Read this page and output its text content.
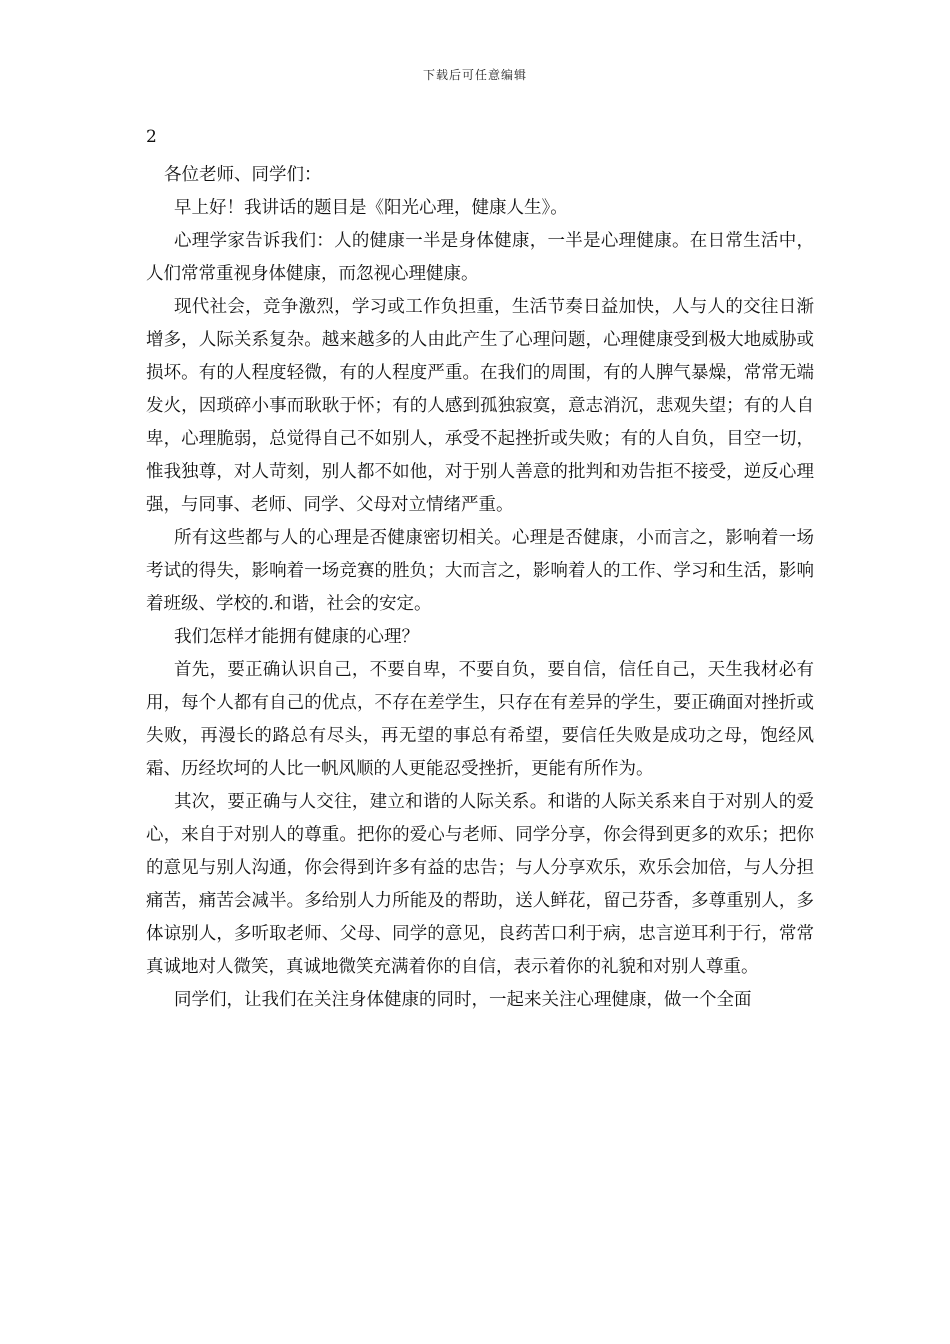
下载后可任意编辑
2

各位老师、同学们：

早上好！我讲话的题目是《阳光心理，健康人生》。

心理学家告诉我们：人的健康一半是身体健康，一半是心理健康。在日常生活中，人们常常重视身体健康，而忽视心理健康。

现代社会，竞争激烈，学习或工作负担重，生活节奏日益加快，人与人的交往日渐增多，人际关系复杂。越来越多的人由此产生了心理问题，心理健康受到极大地威胁或损坏。有的人程度轻微，有的人程度严重。在我们的周围，有的人脾气暴燥，常常无端发火，因琐碎小事而耿耿于怀；有的人感到孤独寂寞，意志消沉，悲观失望；有的人自卑，心理脆弱，总觉得自己不如别人，承受不起挫折或失败；有的人自负，目空一切，惟我独尊，对人苛刻，别人都不如他，对于别人善意的批判和劝告拒不接受，逆反心理强，与同事、老师、同学、父母对立情绪严重。

所有这些都与人的心理是否健康密切相关。心理是否健康，小而言之，影响着一场考试的得失，影响着一场竞赛的胜负；大而言之，影响着人的工作、学习和生活，影响着班级、学校的.和谐，社会的安定。

我们怎样才能拥有健康的心理？

首先，要正确认识自己，不要自卑，不要自负，要自信，信任自己，天生我材必有用，每个人都有自己的优点，不存在差学生，只存在有差异的学生，要正确面对挫折或失败，再漫长的路总有尽头，再无望的事总有希望，要信任失败是成功之母，饱经风霜、历经坎坷的人比一帆风顺的人更能忍受挫折，更能有所作为。

其次，要正确与人交往，建立和谐的人际关系。和谐的人际关系来自于对别人的爱心，来自于对别人的尊重。把你的爱心与老师、同学分享，你会得到更多的欢乐；把你的意见与别人沟通，你会得到许多有益的忠告；与人分享欢乐，欢乐会加倍，与人分担痛苦，痛苦会减半。多给别人力所能及的帮助，送人鲜花，留己芬香，多尊重别人，多体谅别人，多听取老师、父母、同学的意见，良药苦口利于病，忠言逆耳利于行，常常真诚地对人微笑，真诚地微笑充满着你的自信，表示着你的礼貌和对别人尊重。

同学们，让我们在关注身体健康的同时，一起来关注心理健康，做一个全面
